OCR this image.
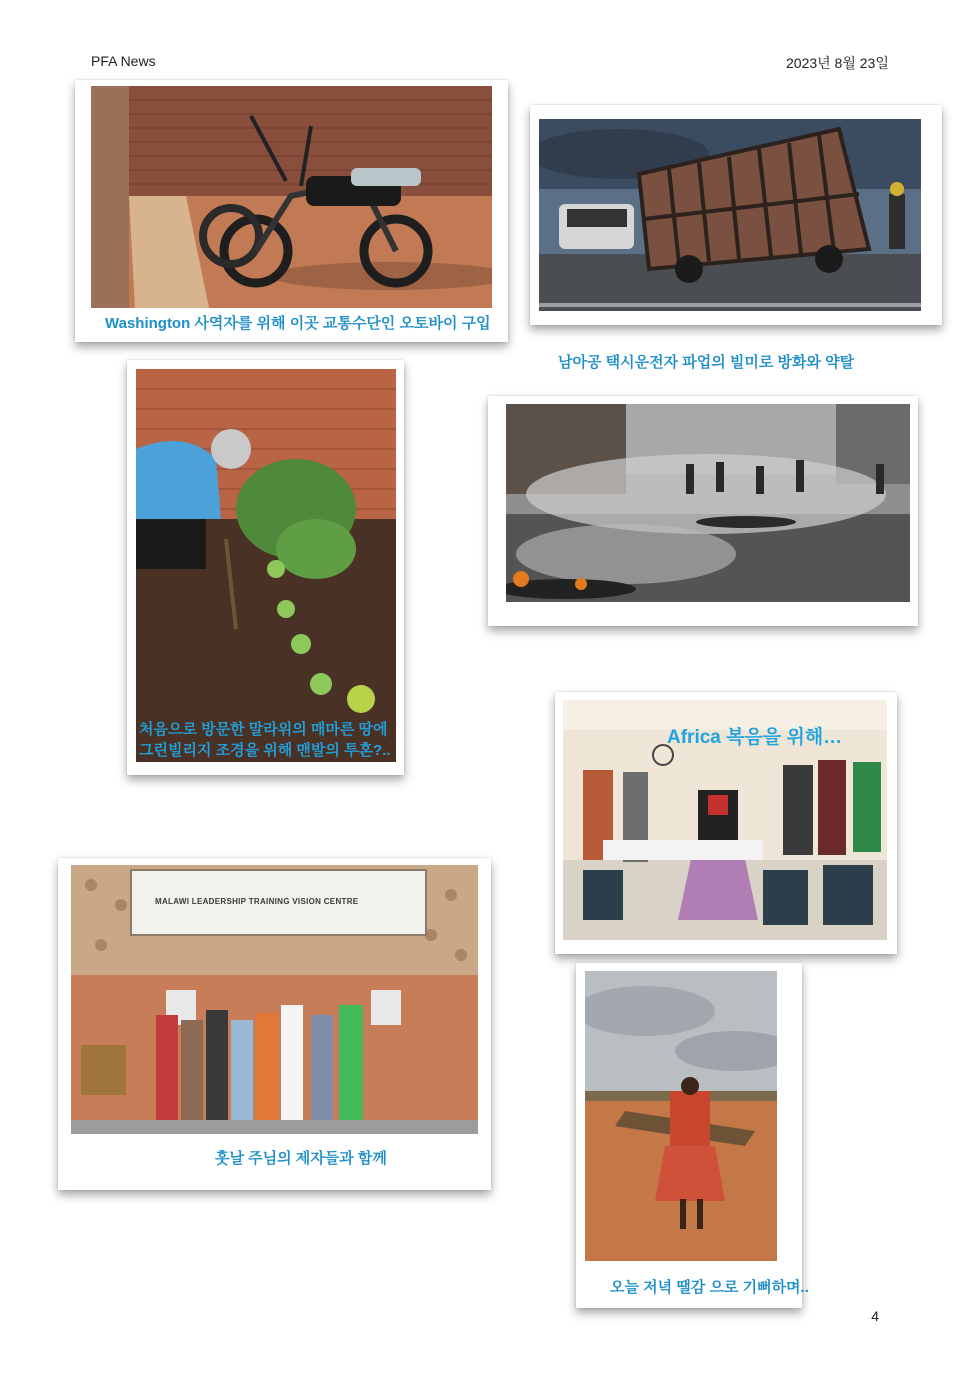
PFA News	2023년 8월 23일
Washington 사역자를 위해 이곳 교통수단인 오토바이 구입
남아공 택시운전자 파업의 빌미로 방화와 약탈
처음으로 방문한 말라위의 매마른 땅에
그린빌리지 조경을 위해 맨발의 투혼?..
Africa 복음을 위해…
MALAWI LEADERSHIP TRAINING VISION CENTRE
훗날 주님의 제자들과 함께
오늘 저녁 땔감 으로 기뻐하며..
4
